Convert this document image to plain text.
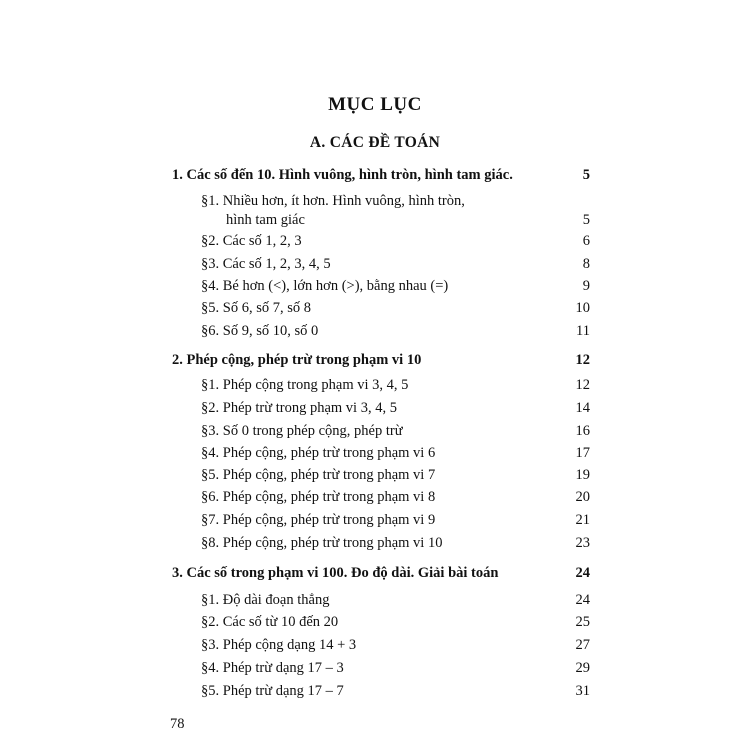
MỤC LỤC
A. CÁC ĐỀ TOÁN
1. Các số đến 10. Hình vuông, hình tròn, hình tam giác.	5
§1. Nhiều hơn, ít hơn. Hình vuông, hình tròn,
hình tam giác	5
§2. Các số 1, 2, 3	6
§3. Các số 1, 2, 3, 4, 5	8
§4. Bé hơn (<), lớn hơn (>), bằng nhau (=)	9
§5. Số 6, số 7, số 8	10
§6. Số 9, số 10, số 0	11
2. Phép cộng, phép trừ trong phạm vi 10	12
§1. Phép cộng trong phạm vi 3, 4, 5	12
§2. Phép trừ trong phạm vi 3, 4, 5	14
§3. Số 0 trong phép cộng, phép trừ	16
§4. Phép cộng, phép trừ trong phạm vi 6	17
§5. Phép cộng, phép trừ trong phạm vi 7	19
§6. Phép cộng, phép trừ trong phạm vi 8	20
§7. Phép cộng, phép trừ trong phạm vi 9	21
§8. Phép cộng, phép trừ trong phạm vi 10	23
3. Các số trong phạm vi 100. Đo độ dài. Giải bài toán	24
§1. Độ dài đoạn thẳng	24
§2. Các số từ 10 đến 20	25
§3. Phép cộng dạng 14 + 3	27
§4. Phép trừ dạng 17 – 3	29
§5. Phép trừ dạng 17 – 7	31
78
